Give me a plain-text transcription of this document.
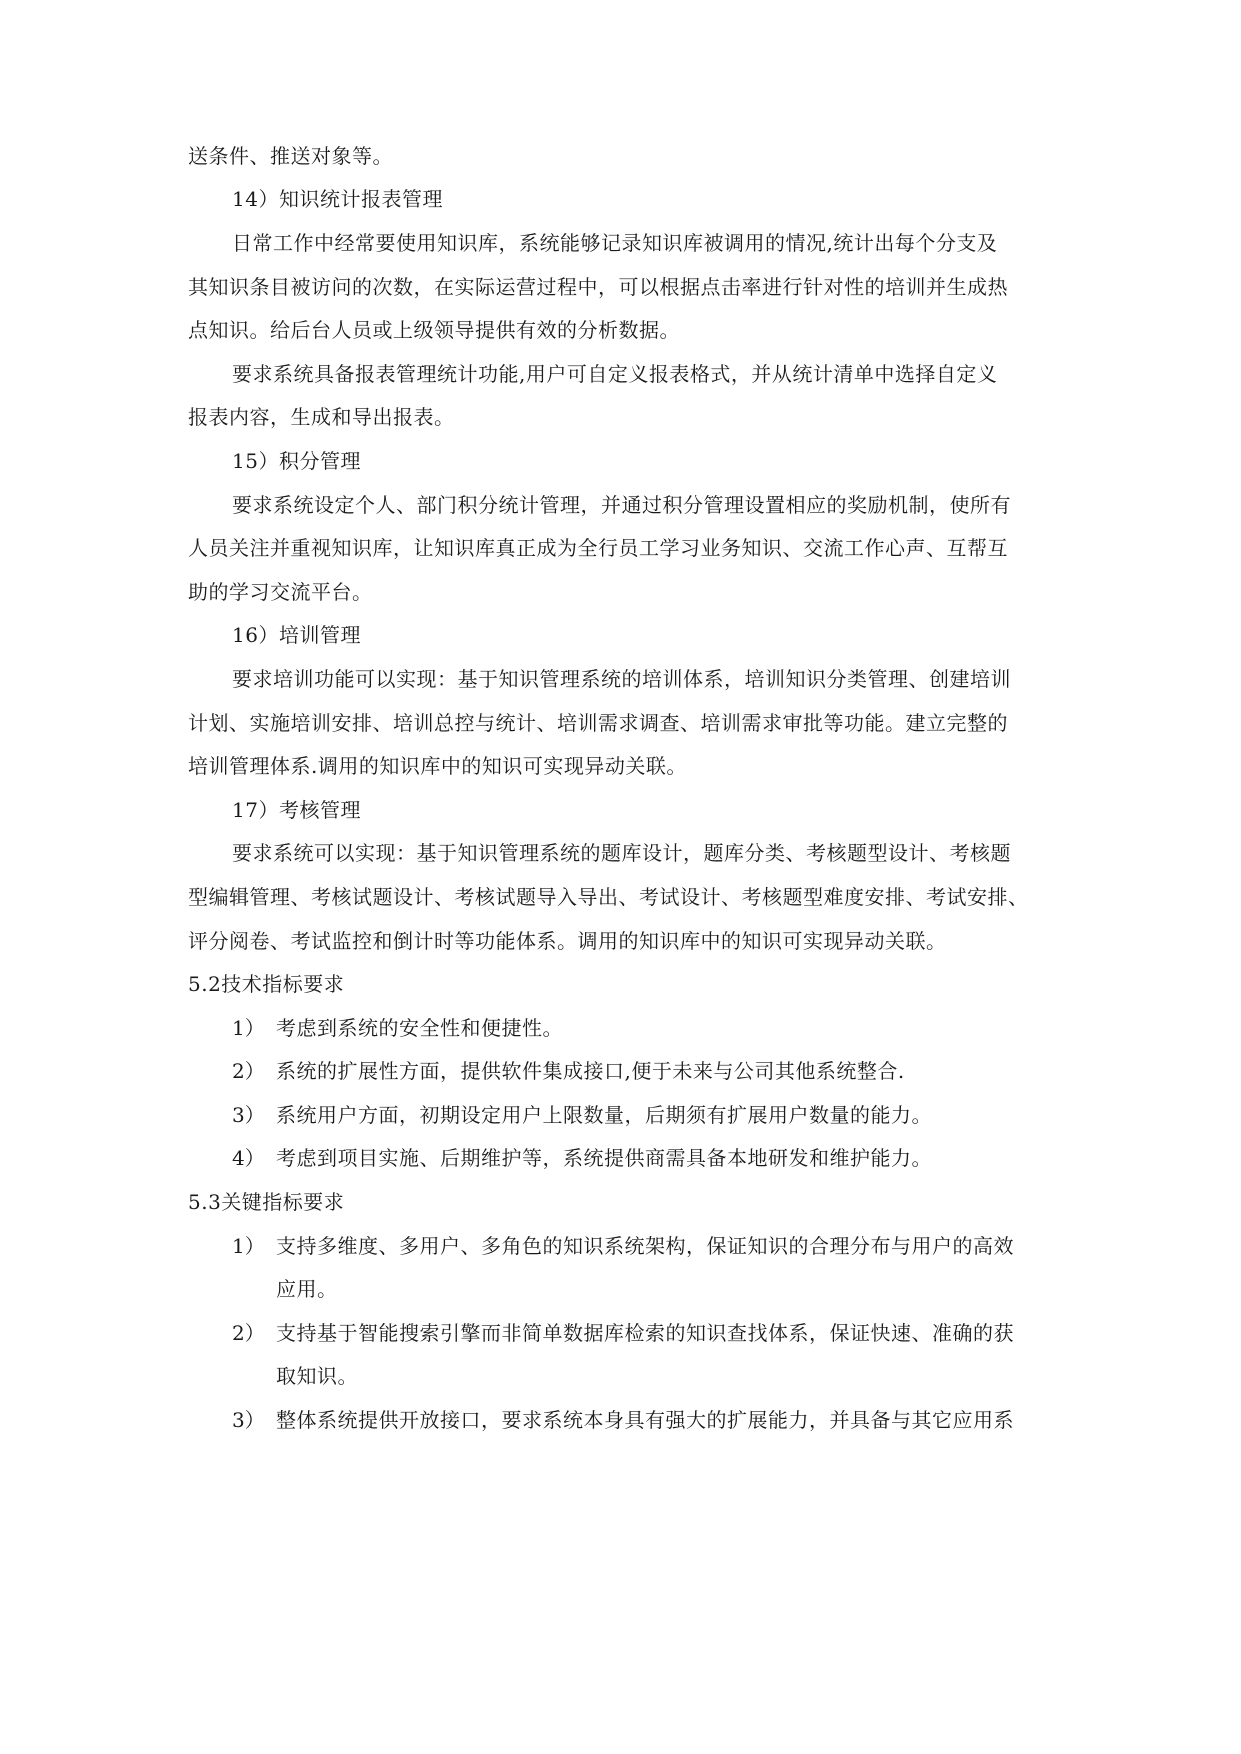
送条件、推送对象等。
14）知识统计报表管理
日常工作中经常要使用知识库，系统能够记录知识库被调用的情况,统计出每个分支及
其知识条目被访问的次数，在实际运营过程中，可以根据点击率进行针对性的培训并生成热
点知识。给后台人员或上级领导提供有效的分析数据。
要求系统具备报表管理统计功能,用户可自定义报表格式，并从统计清单中选择自定义
报表内容，生成和导出报表。
15）积分管理
要求系统设定个人、部门积分统计管理，并通过积分管理设置相应的奖励机制，使所有
人员关注并重视知识库，让知识库真正成为全行员工学习业务知识、交流工作心声、互帮互
助的学习交流平台。
16）培训管理
要求培训功能可以实现：基于知识管理系统的培训体系，培训知识分类管理、创建培训
计划、实施培训安排、培训总控与统计、培训需求调查、培训需求审批等功能。建立完整的
培训管理体系.调用的知识库中的知识可实现异动关联。
17）考核管理
要求系统可以实现：基于知识管理系统的题库设计，题库分类、考核题型设计、考核题
型编辑管理、考核试题设计、考核试题导入导出、考试设计、考核题型难度安排、考试安排、
评分阅卷、考试监控和倒计时等功能体系。调用的知识库中的知识可实现异动关联。
5.2技术指标要求
1） 考虑到系统的安全性和便捷性。
2） 系统的扩展性方面，提供软件集成接口,便于未来与公司其他系统整合.
3） 系统用户方面，初期设定用户上限数量，后期须有扩展用户数量的能力。
4） 考虑到项目实施、后期维护等，系统提供商需具备本地研发和维护能力。
5.3关键指标要求
1） 支持多维度、多用户、多角色的知识系统架构，保证知识的合理分布与用户的高效
应用。
2） 支持基于智能搜索引擎而非简单数据库检索的知识查找体系，保证快速、准确的获
取知识。
3） 整体系统提供开放接口，要求系统本身具有强大的扩展能力，并具备与其它应用系
